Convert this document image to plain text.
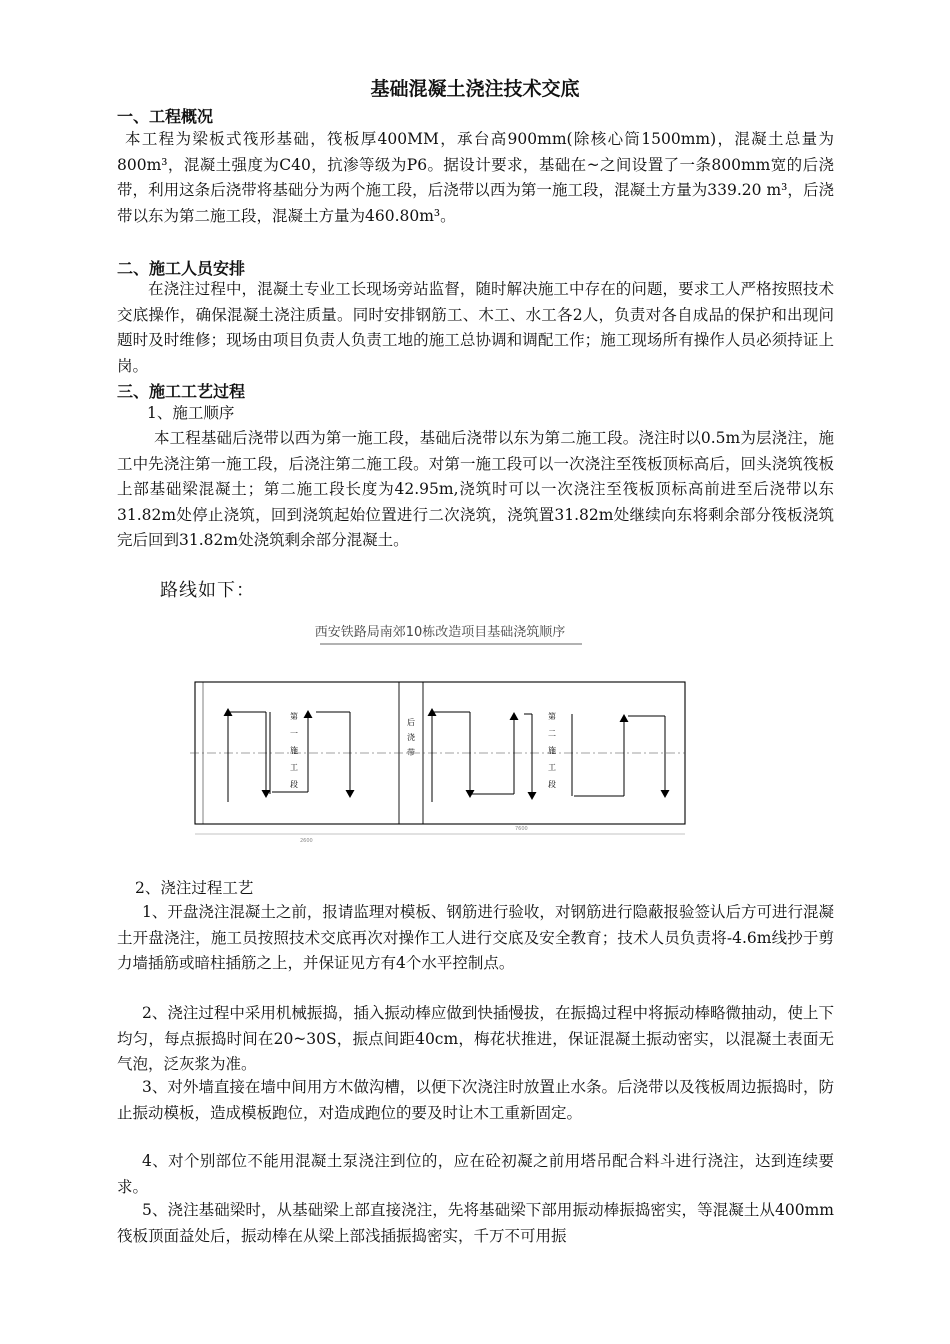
基础混凝土浇注技术交底
一、工程概况
本工程为梁板式筏形基础，筏板厚400MM，承台高900mm(除核心筒1500mm)，混凝土总量为800m³，混凝土强度为C40，抗渗等级为P6。据设计要求，基础在~之间设置了一条800mm宽的后浇带，利用这条后浇带将基础分为两个施工段，后浇带以西为第一施工段，混凝土方量为339.20 m³，后浇带以东为第二施工段，混凝土方量为460.80m³。
二、施工人员安排
在浇注过程中，混凝土专业工长现场旁站监督，随时解决施工中存在的问题，要求工人严格按照技术交底操作，确保混凝土浇注质量。同时安排钢筋工、木工、水工各2人，负责对各自成品的保护和出现问题时及时维修；现场由项目负责人负责工地的施工总协调和调配工作；施工现场所有操作人员必须持证上岗。
三、施工工艺过程
1、施工顺序
本工程基础后浇带以西为第一施工段，基础后浇带以东为第二施工段。浇注时以0.5m为层浇注，施工中先浇注第一施工段，后浇注第二施工段。对第一施工段可以一次浇注至筏板顶标高后，回头浇筑筏板上部基础梁混凝土；第二施工段长度为42.95m,浇筑时可以一次浇注至筏板顶标高前进至后浇带以东31.82m处停止浇筑，回到浇筑起始位置进行二次浇筑，浇筑置31.82m处继续向东将剩余部分筏板浇筑完后回到31.82m处浇筑剩余部分混凝土。
路线如下：
西安铁路局南郊10栋改造项目基础浇筑顺序
2600
7600
第一施工段	后浇带	第二施工段
2、浇注过程工艺
1、开盘浇注混凝土之前，报请监理对模板、钢筋进行验收，对钢筋进行隐蔽报验签认后方可进行混凝土开盘浇注，施工员按照技术交底再次对操作工人进行交底及安全教育；技术人员负责将-4.6m线抄于剪力墙插筋或暗柱插筋之上，并保证见方有4个水平控制点。
2、浇注过程中采用机械振捣，插入振动棒应做到快插慢拔，在振捣过程中将振动棒略微抽动，使上下均匀，每点振捣时间在20~30S，振点间距40cm，梅花状推进，保证混凝土振动密实，以混凝土表面无气泡，泛灰浆为准。
3、对外墙直接在墙中间用方木做沟槽，以便下次浇注时放置止水条。后浇带以及筏板周边振捣时，防止振动模板，造成模板跑位，对造成跑位的要及时让木工重新固定。
4、对个别部位不能用混凝土泵浇注到位的，应在砼初凝之前用塔吊配合料斗进行浇注，达到连续要求。
5、浇注基础梁时，从基础梁上部直接浇注，先将基础梁下部用振动棒振捣密实，等混凝土从400mm筏板顶面益处后，振动棒在从梁上部浅插振捣密实，千万不可用振
